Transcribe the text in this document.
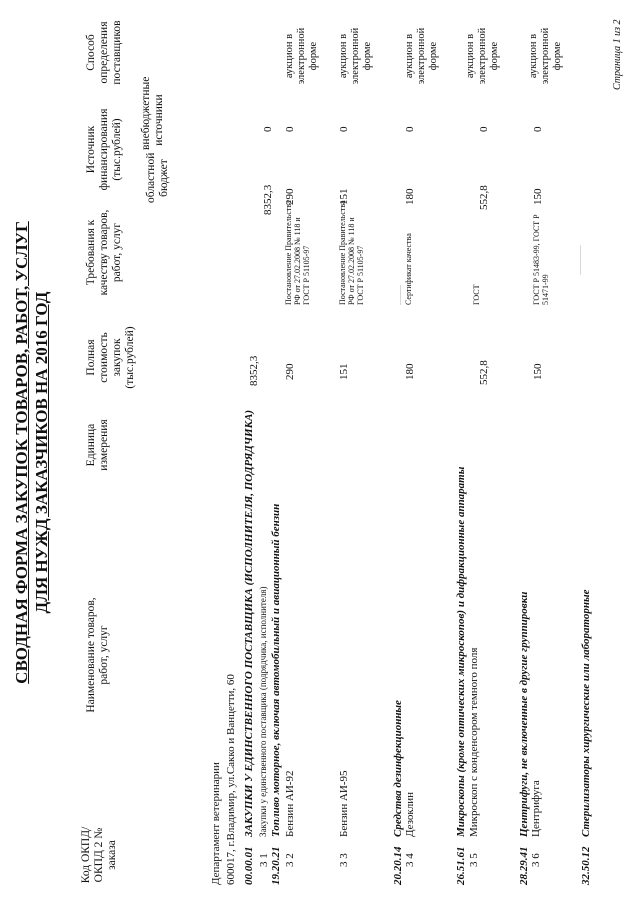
СВОДНАЯ ФОРМА ЗАКУПОК ТОВАРОВ, РАБОТ, УСЛУГ ДЛЯ НУЖД ЗАКАЗЧИКОВ НА 2016 ГОД
Код ОКПД/ ОКПД 2 № заказа
Наименование товаров, работ, услуг
Единица измерения
Полная стоимость закупок (тыс.рублей)
Требования к качеству товаров, работ, услуг
Источник финансирования (тыс.рублей) областной бюджет
внебюджетные источники
Способ определения поставщиков
Департамент ветеринарии 600017, г.Владимир, ул.Сакко и Ванцетти, 60 00.00.01
ЗАКУПКИ У ЕДИНСТВЕННОГО ПОСТАВЩИКА (ИСПОЛНИТЕЛЯ, ПОДРЯДЧИКА)
8352,3
3 1
Закупки у единственного поставщика (подрядчика, исполнителя)
8352,3
0
19.20.21
Топливо моторное, включая автомобильный и авиационный бензин
3 2
Бензин АИ-92
290
Постановление Правительства РФ от 27.02.2008 № 118 и ГОСТ Р 51105-97
290
0
аукцион в электронной форме
3 3
Бензин АИ-95
151
Постановление Правительства РФ от 27.02.2008 № 118 и ГОСТ Р 51105-97
151
0
аукцион в электронной форме
20.20.14
Средства дезинфекционные
3 4
Дезоклин
180
Сертификат качества
180
0
аукцион в электронной форме
26.51.61
Микроскопы (кроме оптических микроскопов) и дифракционные аппараты
3 5
Микроскоп с конденсором темного поля
552,8
ГОСТ
552,8
0
аукцион в электронной форме
28.29.41
Центрифуги, не включенные в другие группировки
3 6
Центрифуга
150
ГОСТ Р 51483-99, ГОСТ Р 51471-99
150
0
аукцион в электронной форме
32.50.12
Стерилизаторы хирургические или лабораторные
Страница 1 из 2
